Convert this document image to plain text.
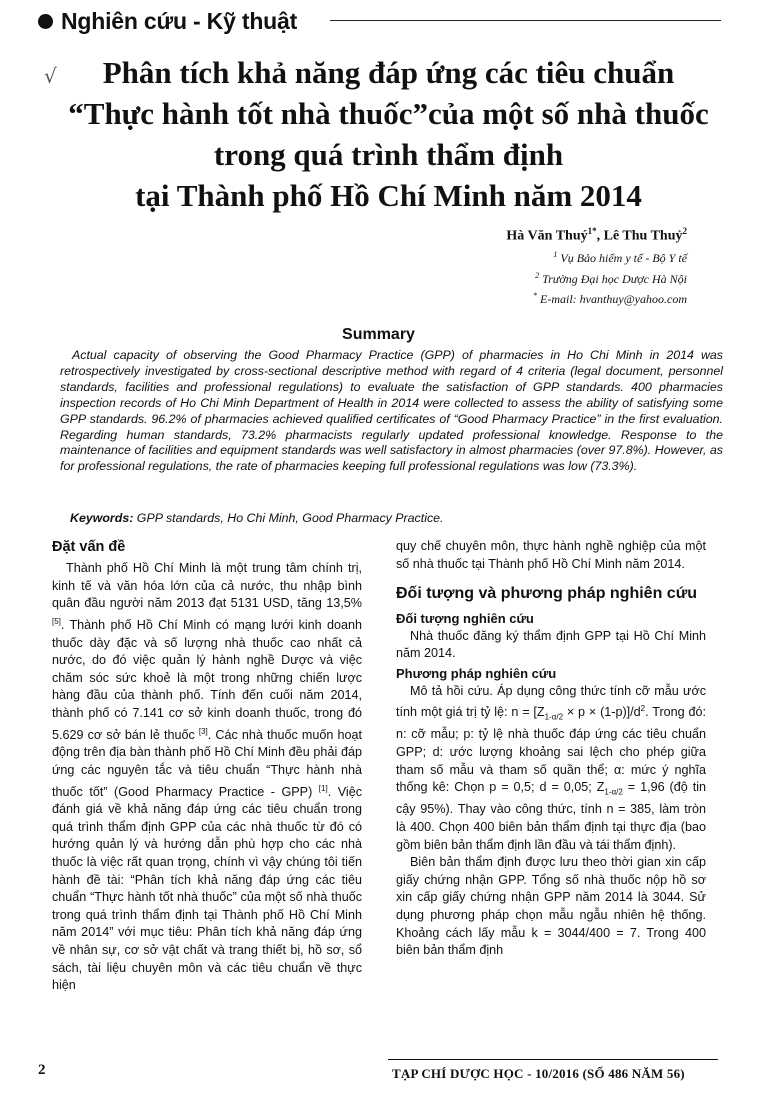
Nghiên cứu - Kỹ thuật
√	Phân tích khả năng đáp ứng các tiêu chuẩn
“Thực hành tốt nhà thuốc”của một số nhà thuốc
trong quá trình thẩm định
tại Thành phố Hồ Chí Minh năm 2014
Hà Văn Thuý$^{1*}$, Lê Thu Thuỷ$^2$
$^1$ Vụ Bảo hiểm y tế - Bộ Y tế
$^2$ Trường Đại học Dược Hà Nội
* E-mail: hvanthuy@yahoo.com
Summary

Actual capacity of observing the Good Pharmacy Practice (GPP) of pharmacies in Ho Chi Minh in 2014 was retrospectively investigated by cross-sectional descriptive method with regard of 4 criteria (legal document, personnel standards, facilities and professional regulations) to evaluate the satisfaction of GPP standards. 400 pharmacies inspection records of Ho Chi Minh Department of Health in 2014 were collected to assess the ability of satisfying some GPP standards. 96.2% of pharmacies achieved qualified certificates of “Good Pharmacy Practice” in the first evaluation. Regarding human standards, 73.2% pharmacists regularly updated professional knowledge. Response to the maintenance of facilities and equipment standards was well satisfactory in almost pharmacies (over 97.8%). However, as for professional regulations, the rate of pharmacies keeping full professional regulations was low (73.3%).

Keywords: GPP standards, Ho Chi Minh, Good Pharmacy Practice.

Đặt vấn đề

Thành phố Hồ Chí Minh là một trung tâm chính trị, kinh tế và văn hóa lớn của cả nước, thu nhập bình quân đầu người năm 2013 đạt 5131 USD, tăng 13,5% [5]. Thành phố Hồ Chí Minh có mạng lưới kinh doanh thuốc dày đặc và số lượng nhà thuốc cao nhất cả nước, do đó việc quản lý hành nghề Dược và việc chăm sóc sức khoẻ là một trong những chiến lược hàng đầu của thành phố. Tính đến cuối năm 2014, thành phố có 7.141 cơ sở kinh doanh thuốc, trong đó 5.629 cơ sở bán lẻ thuốc [3]. Các nhà thuốc muốn hoạt động trên địa bàn thành phố Hồ Chí Minh đều phải đáp ứng các nguyên tắc và tiêu chuẩn “Thực hành nhà thuốc tốt” (Good Pharmacy Practice - GPP) [1]. Việc đánh giá về khả năng đáp ứng các tiêu chuẩn trong quá trình thẩm định GPP của các nhà thuốc từ đó có hướng quản lý và hướng dẫn phù hợp cho các nhà thuốc là việc rất quan trọng, chính vì vậy chúng tôi tiến hành đề tài: “Phân tích khả năng đáp ứng các tiêu chuẩn “Thực hành tốt nhà thuốc” của một số nhà thuốc trong quá trình thẩm định tại Thành phố Hồ Chí Minh năm 2014” với mục tiêu: Phân tích khả năng đáp ứng về nhân sự, cơ sở vật chất và trang thiết bị, hồ sơ, sổ sách, tài liệu chuyên môn và các tiêu chuẩn về thực hiện

quy chế chuyên môn, thực hành nghề nghiệp của một số nhà thuốc tại Thành phố Hồ Chí Minh năm 2014.

Đối tượng và phương pháp nghiên cứu
Đối tượng nghiên cứu

Nhà thuốc đăng ký thẩm định GPP tại Hồ Chí Minh năm 2014.

Phương pháp nghiên cứu

Mô tả hồi cứu. Áp dụng công thức tính cỡ mẫu ước tính một giá trị tỷ lệ: $n = [Z_{1-\alpha/2} \times p \times (1-p)]/d^2$. Trong đó: n: cỡ mẫu; p: tỷ lệ nhà thuốc đáp ứng các tiêu chuẩn GPP; d: ước lượng khoảng sai lệch cho phép giữa tham số mẫu và tham số quần thể; α: mức ý nghĩa thống kê: Chọn p = 0,5; d = 0,05; $Z_{1-\alpha/2} = 1,96$ (độ tin cậy 95%). Thay vào công thức, tính n = 385, làm tròn là 400. Chọn 400 biên bản thẩm định tại thực địa (bao gồm biên bản thẩm định lần đầu và tái thẩm định).

Biên bản thẩm định được lưu theo thời gian xin cấp giấy chứng nhận GPP. Tổng số nhà thuốc nộp hồ sơ xin cấp giấy chứng nhận GPP năm 2014 là 3044. Sử dụng phương pháp chọn mẫu ngẫu nhiên hệ thống. Khoảng cách lấy mẫu k = 3044/400 = 7. Trong 400 biên bản thẩm định

2	TẠP CHÍ DƯỢC HỌC - 10/2016 (SỐ 486 NĂM 56)
